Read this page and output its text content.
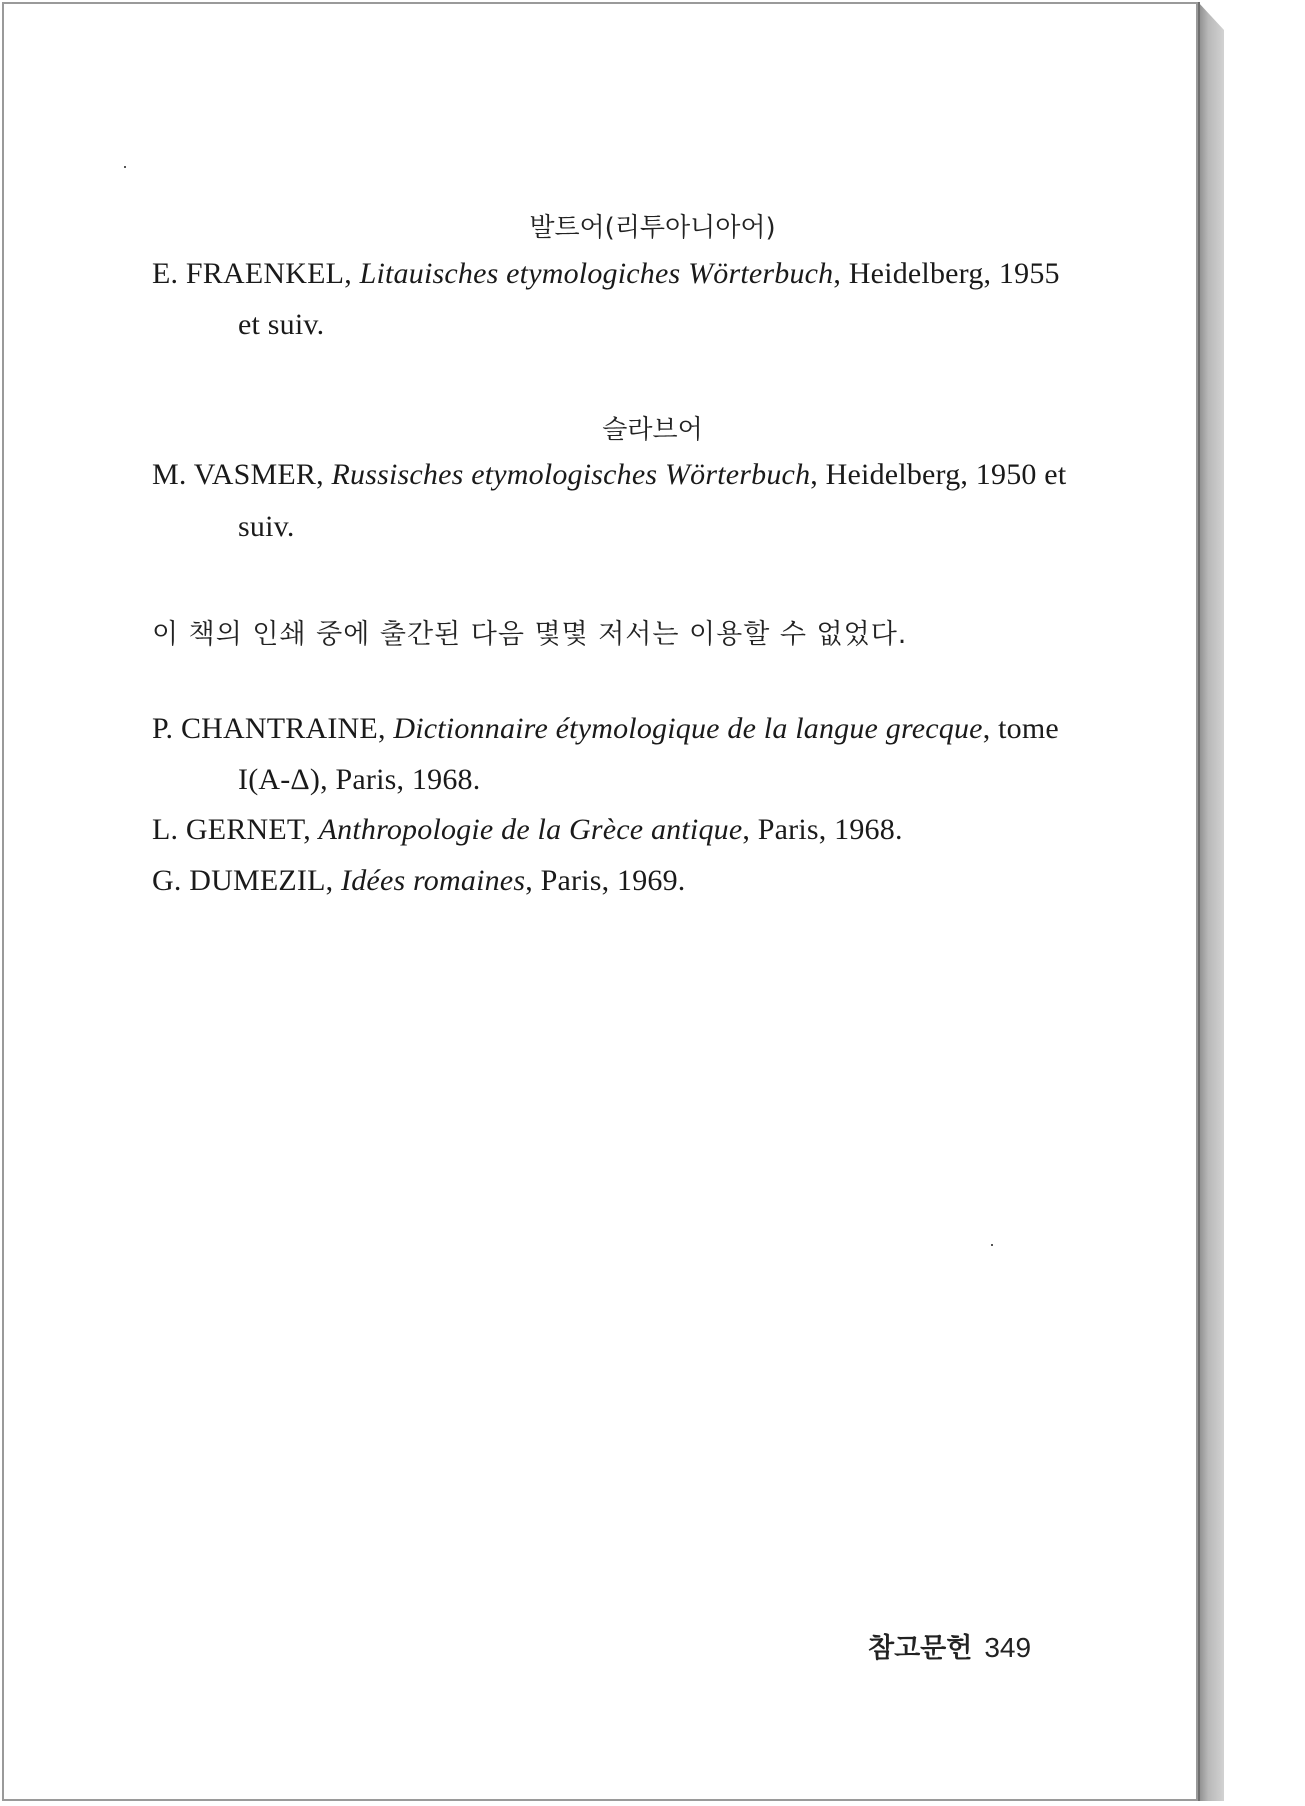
발트어(리투아니아어)
E. FRAENKEL, Litauisches etymologiches Wörterbuch, Heidelberg, 1955
et suiv.
슬라브어
M. VASMER, Russisches etymologisches Wörterbuch, Heidelberg, 1950 et
suiv.
이 책의 인쇄 중에 출간된 다음 몇몇 저서는 이용할 수 없었다.
P. CHANTRAINE, Dictionnaire étymologique de la langue grecque, tome
I(A-Δ), Paris, 1968.
L. GERNET, Anthropologie de la Grèce antique, Paris, 1968.
G. DUMEZIL, Idées romaines, Paris, 1969.
참고문헌 349
